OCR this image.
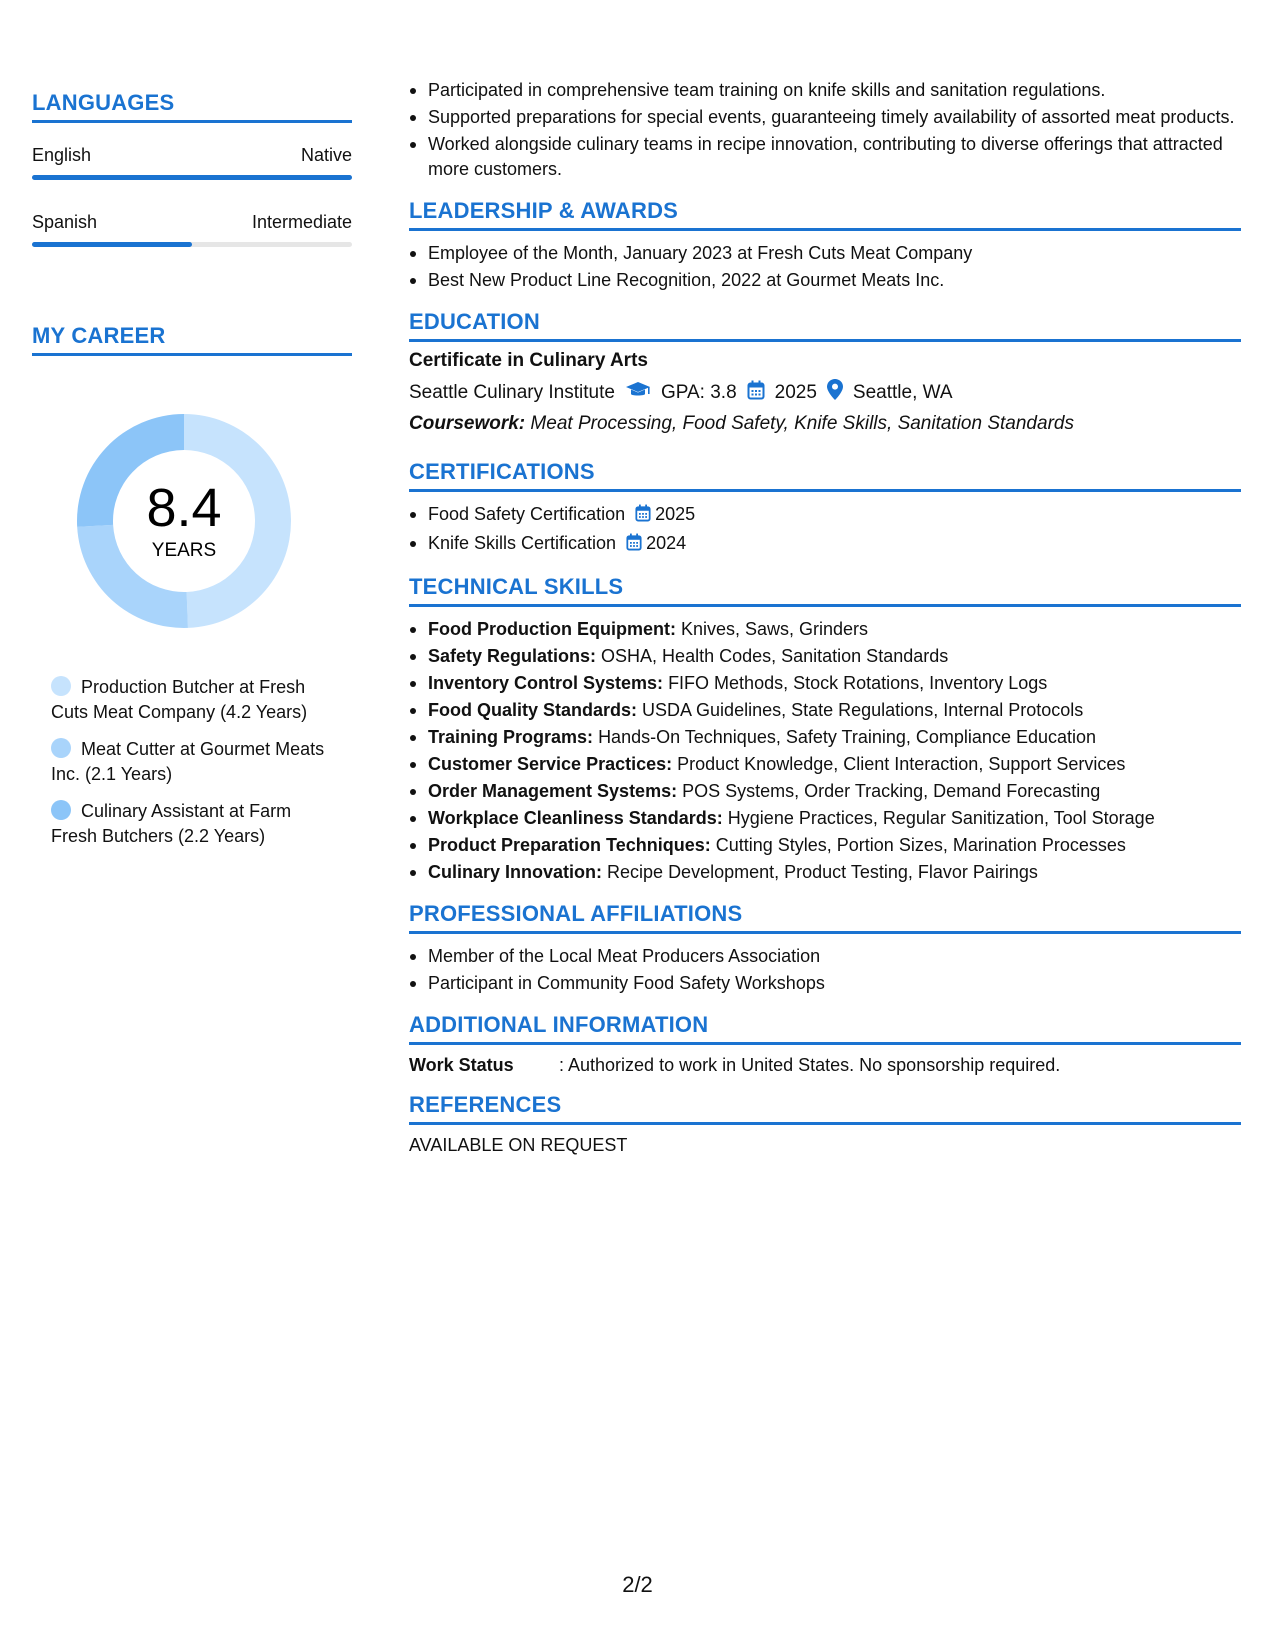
LANGUAGES
English	Native
Spanish	Intermediate
MY CAREER
8.4
YEARS
Production Butcher at Fresh Cuts Meat Company (4.2 Years)
Meat Cutter at Gourmet Meats Inc. (2.1 Years)
Culinary Assistant at Farm Fresh Butchers (2.2 Years)
Participated in comprehensive team training on knife skills and sanitation regulations.
Supported preparations for special events, guaranteeing timely availability of assorted meat products.
Worked alongside culinary teams in recipe innovation, contributing to diverse offerings that attracted more customers.
LEADERSHIP & AWARDS
Employee of the Month, January 2023 at Fresh Cuts Meat Company
Best New Product Line Recognition, 2022 at Gourmet Meats Inc.
EDUCATION
Certificate in Culinary Arts
Seattle Culinary Institute GPA: 3.8 2025 Seattle, WA
Coursework: Meat Processing, Food Safety, Knife Skills, Sanitation Standards
CERTIFICATIONS
Food Safety Certification 2025
Knife Skills Certification 2024
TECHNICAL SKILLS
Food Production Equipment: Knives, Saws, Grinders
Safety Regulations: OSHA, Health Codes, Sanitation Standards
Inventory Control Systems: FIFO Methods, Stock Rotations, Inventory Logs
Food Quality Standards: USDA Guidelines, State Regulations, Internal Protocols
Training Programs: Hands-On Techniques, Safety Training, Compliance Education
Customer Service Practices: Product Knowledge, Client Interaction, Support Services
Order Management Systems: POS Systems, Order Tracking, Demand Forecasting
Workplace Cleanliness Standards: Hygiene Practices, Regular Sanitization, Tool Storage
Product Preparation Techniques: Cutting Styles, Portion Sizes, Marination Processes
Culinary Innovation: Recipe Development, Product Testing, Flavor Pairings
PROFESSIONAL AFFILIATIONS
Member of the Local Meat Producers Association
Participant in Community Food Safety Workshops
ADDITIONAL INFORMATION
Work Status	: Authorized to work in United States. No sponsorship required.
REFERENCES
AVAILABLE ON REQUEST
2/2
